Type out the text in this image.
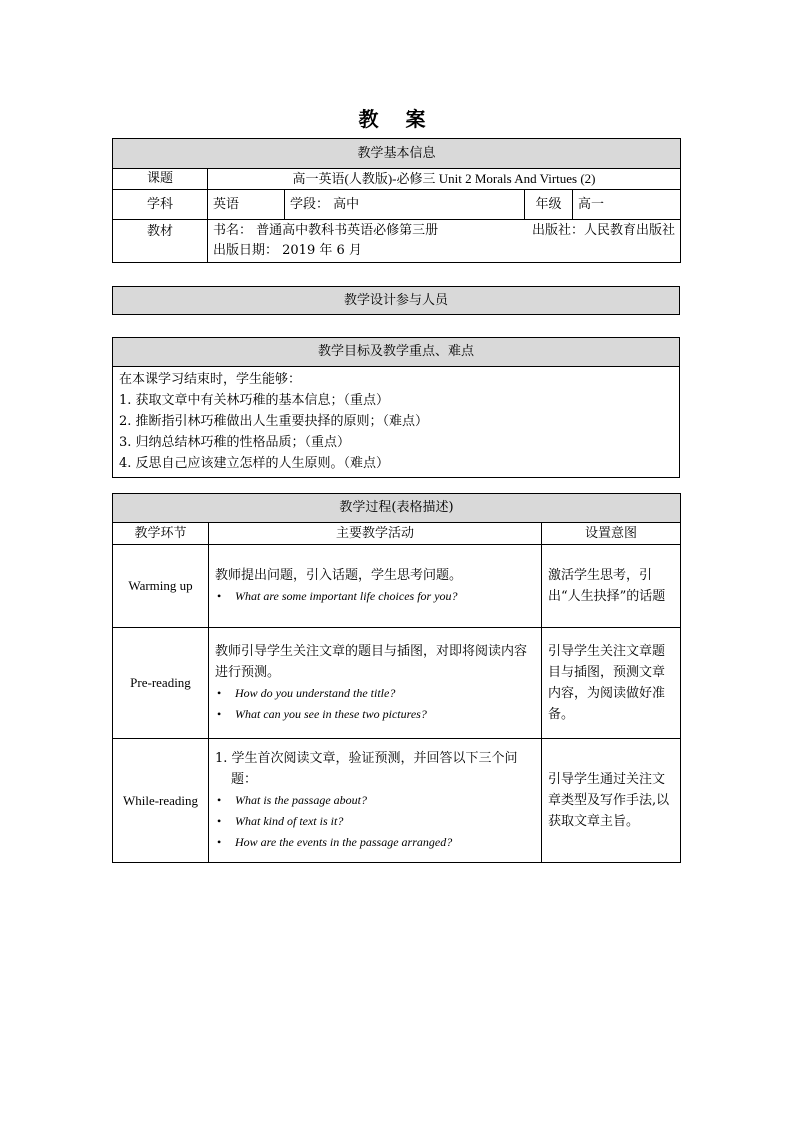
教 案
教学基本信息				
课题	高一英语(人教版)-必修三 Unit 2 Morals And Virtues (2)			
学科	英语	学段： 高中	年级	高一
教材	书名： 普通高中教科书英语必修第三册 出版社：人民教育出版社
出版日期： 2019 年 6 月			
教学设计参与人员
教学目标及教学重点、难点

在本课学习结束时，学生能够：
1. 获取文章中有关林巧稚的基本信息；（重点）
2. 推断指引林巧稚做出人生重要抉择的原则；（难点）
3. 归纳总结林巧稚的性格品质；（重点）
4. 反思自己应该建立怎样的人生原则。（难点）
教学过程(表格描述)		
教学环节	主要教学活动	设置意图
Warming up	教师提出问题，引入话题，学生思考问题。
• What are some important life choices for you?	激活学生思考，引出“人生抉择”的话题
Pre-reading	教师引导学生关注文章的题目与插图，对即将阅读内容进行预测。
• How do you understand the title?
• What can you see in these two pictures?	引导学生关注文章题目与插图，预测文章内容，为阅读做好准备。
While-reading	1. 学生首次阅读文章，验证预测，并回答以下三个问题：
• What is the passage about?
• What kind of text is it?
• How are the events in the passage arranged?	引导学生通过关注文章类型及写作手法,以获取文章主旨。
